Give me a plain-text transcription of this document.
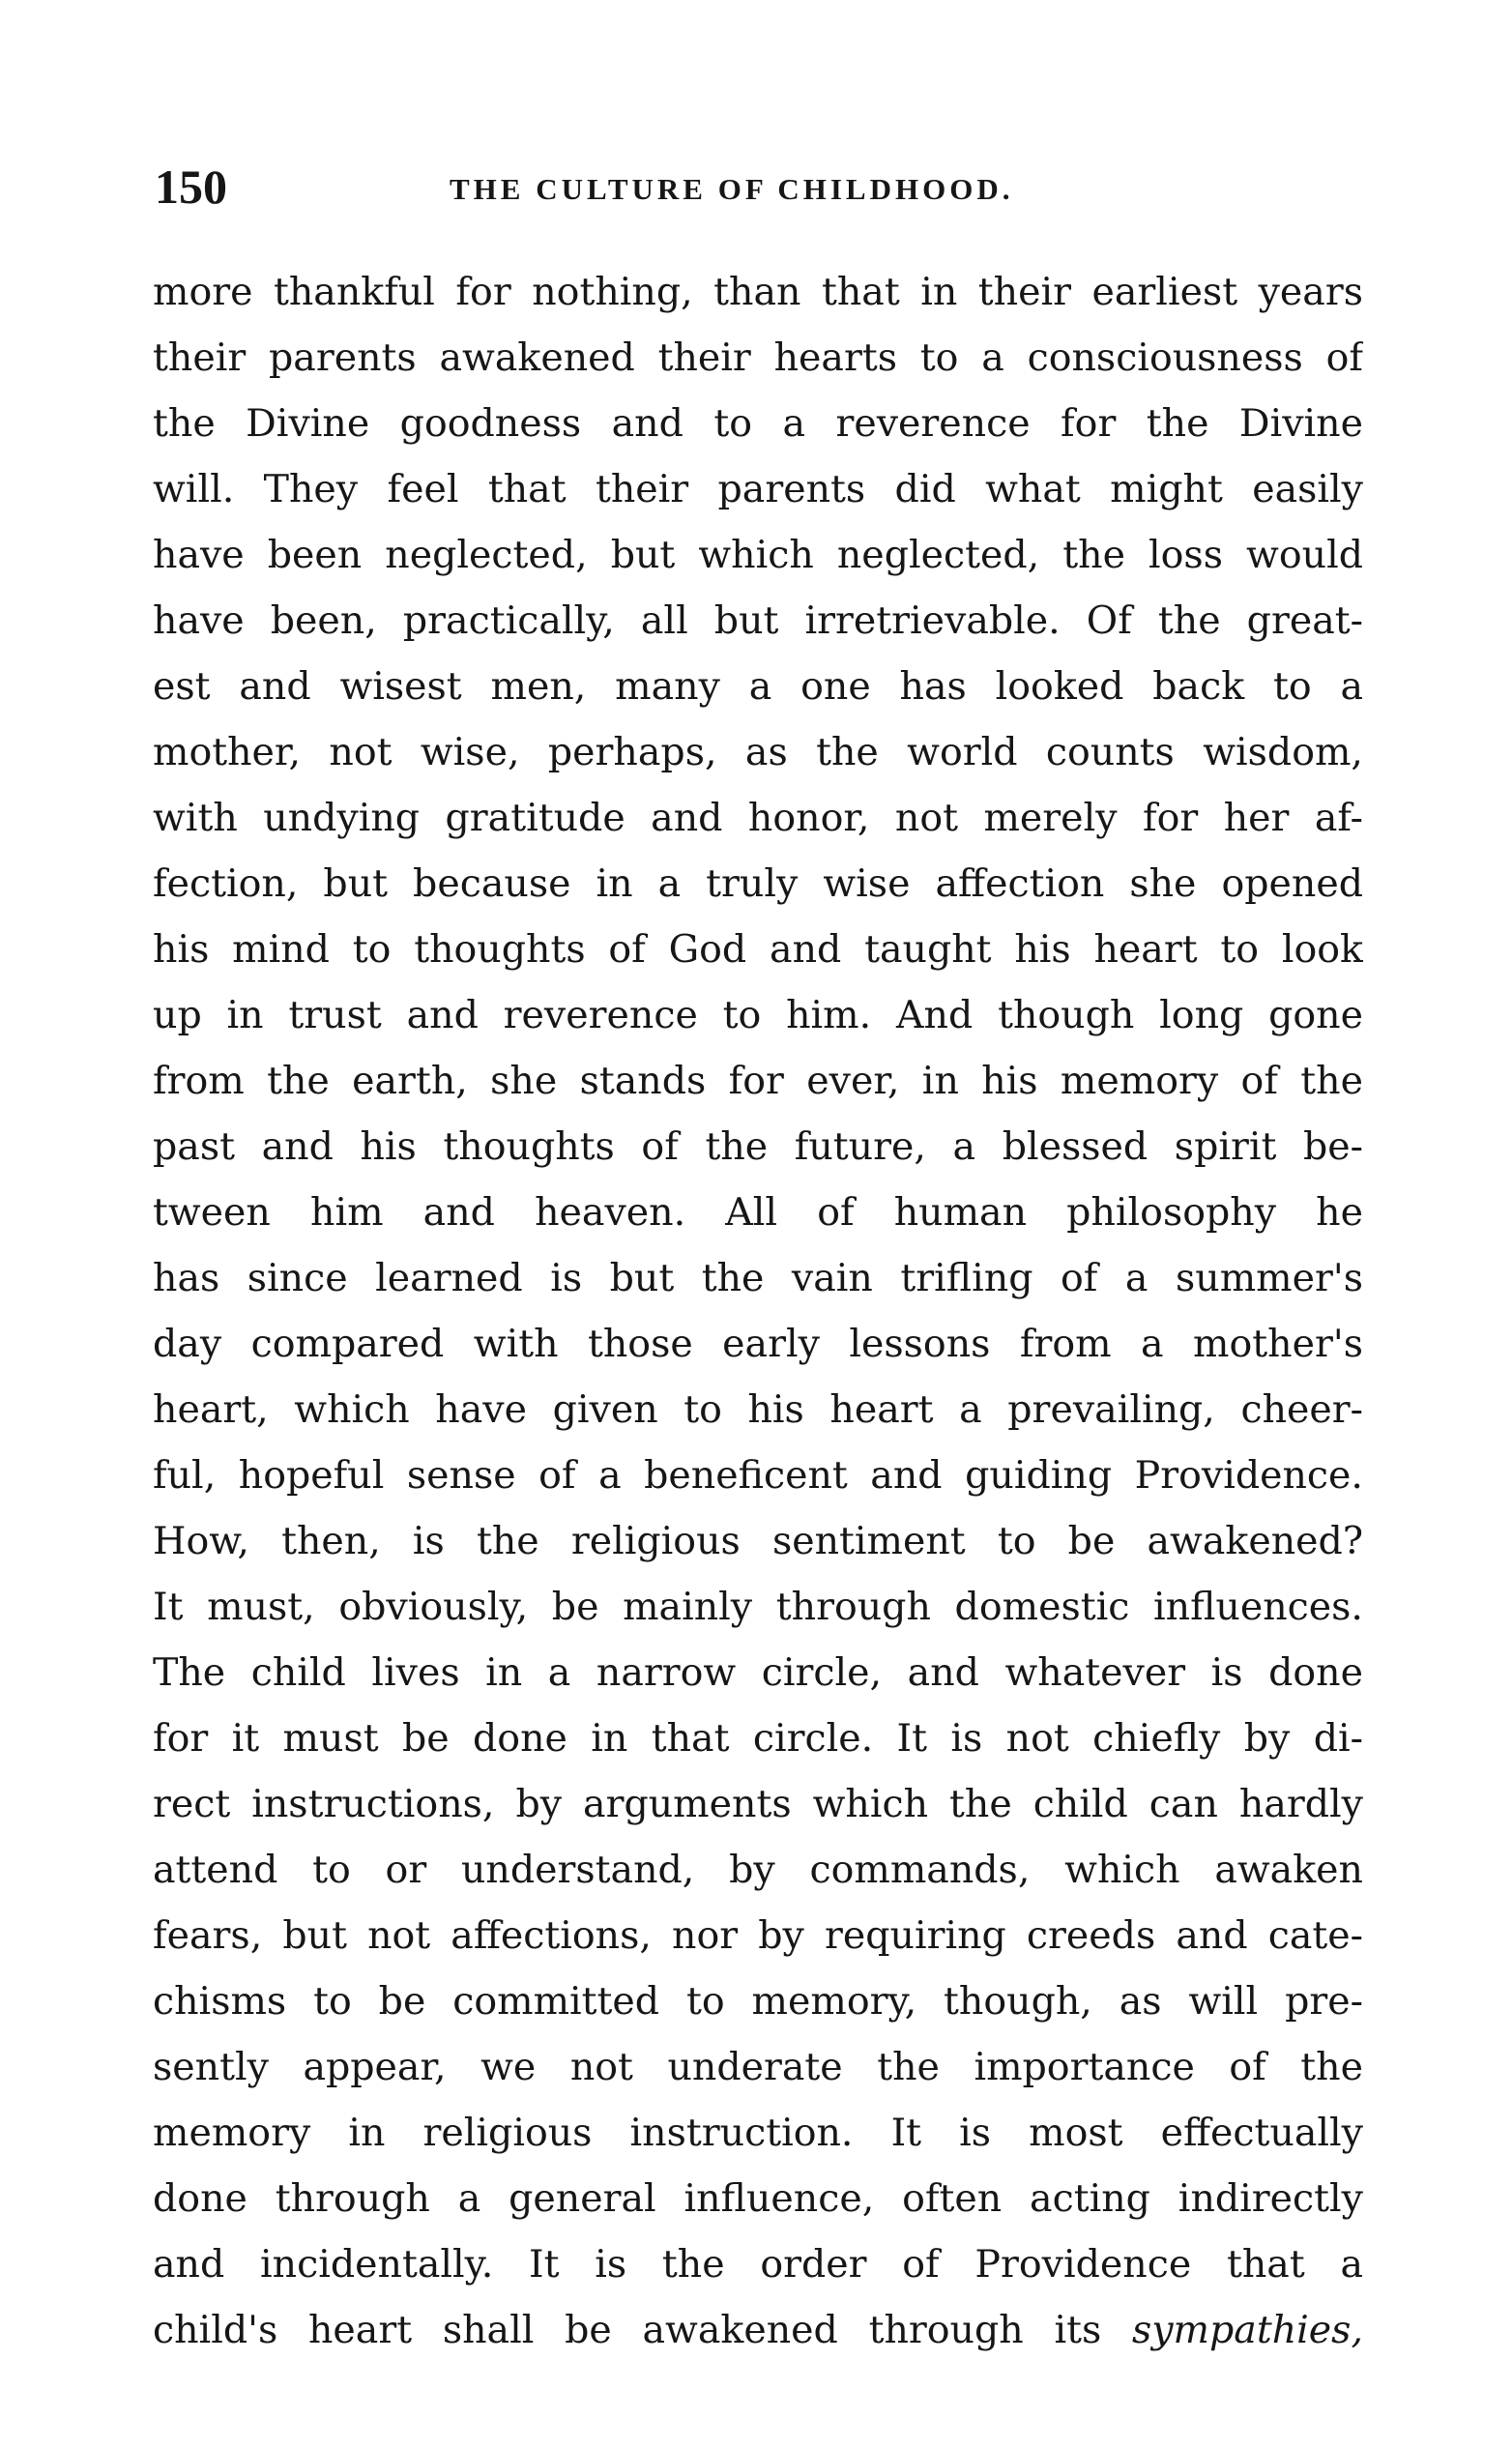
150	THE CULTURE OF CHILDHOOD.
more thankful for nothing, than that in their earliest years
their parents awakened their hearts to a consciousness of
the Divine goodness and to a reverence for the Divine
will. They feel that their parents did what might easily
have been neglected, but which neglected, the loss would
have been, practically, all but irretrievable. Of the great-
est and wisest men, many a one has looked back to a
mother, not wise, perhaps, as the world counts wisdom,
with undying gratitude and honor, not merely for her af-
fection, but because in a truly wise affection she opened
his mind to thoughts of God and taught his heart to look
up in trust and reverence to him. And though long gone
from the earth, she stands for ever, in his memory of the
past and his thoughts of the future, a blessed spirit be-
tween him and heaven. All of human philosophy he
has since learned is but the vain trifling of a summer's
day compared with those early lessons from a mother's
heart, which have given to his heart a prevailing, cheer-
ful, hopeful sense of a beneficent and guiding Providence.
How, then, is the religious sentiment to be awakened?
It must, obviously, be mainly through domestic influences.
The child lives in a narrow circle, and whatever is done
for it must be done in that circle. It is not chiefly by di-
rect instructions, by arguments which the child can hardly
attend to or understand, by commands, which awaken
fears, but not affections, nor by requiring creeds and cate-
chisms to be committed to memory, though, as will pre-
sently appear, we not underate the importance of the
memory in religious instruction. It is most effectually
done through a general influence, often acting indirectly
and incidentally. It is the order of Providence that a
child's heart shall be awakened through its sympathies,
